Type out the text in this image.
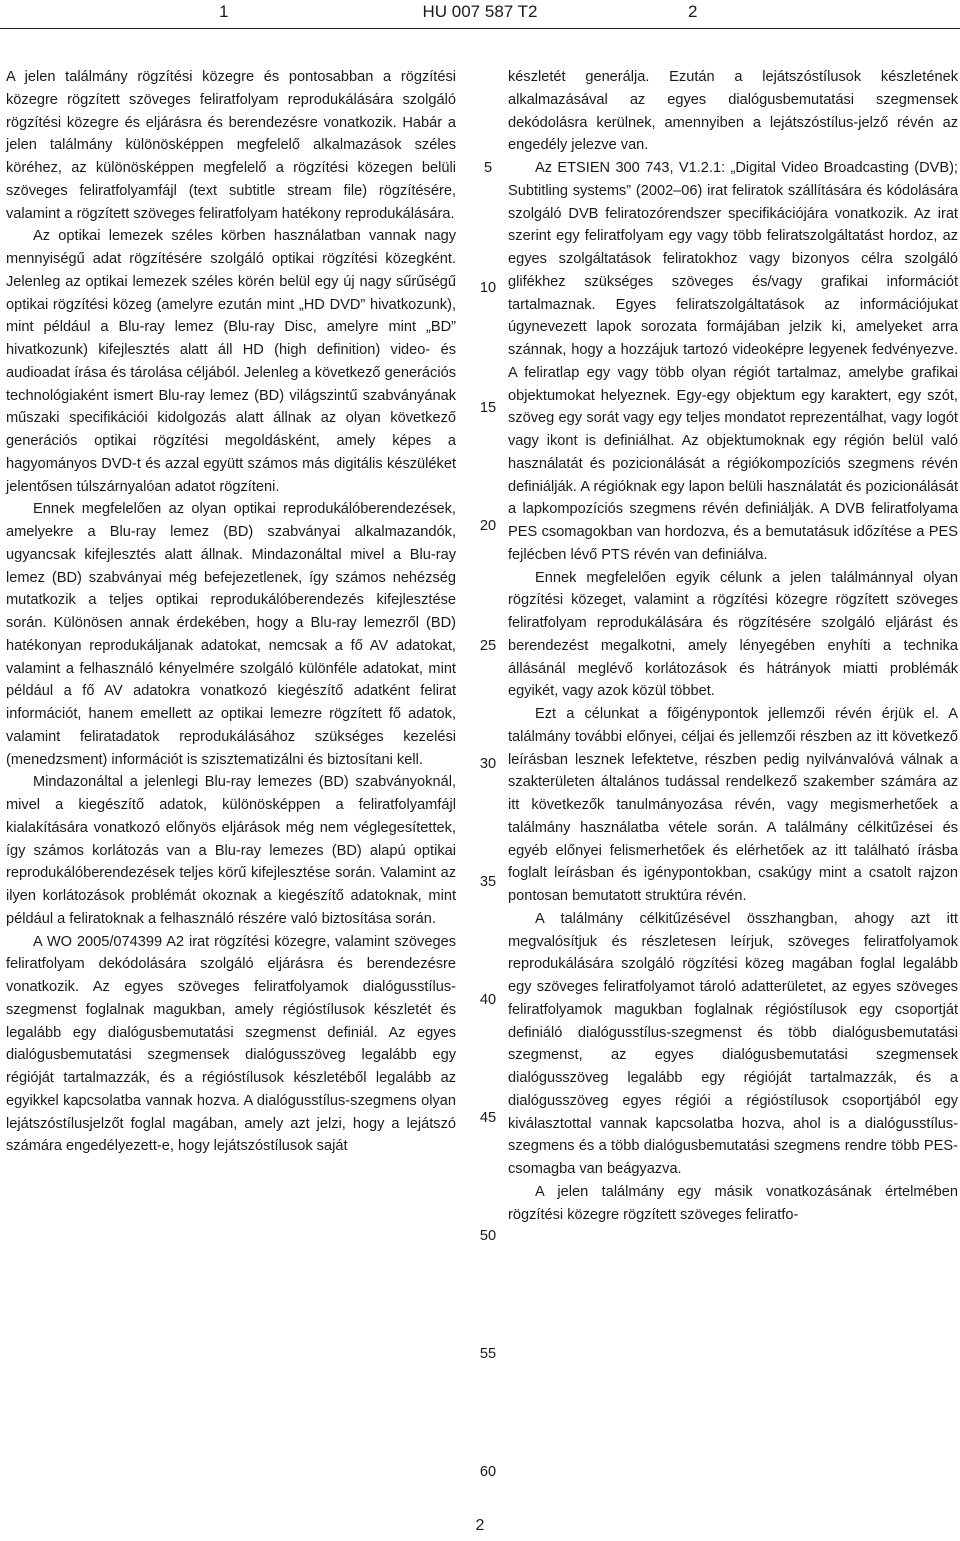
1	HU 007 587 T2	2

A jelen találmány rögzítési közegre és pontosabban a rögzítési közegre rögzített szöveges feliratfolyam reprodukálására szolgáló rögzítési közegre és eljárásra és berendezésre vonatkozik. Habár a jelen találmány különösképpen megfelelő alkalmazások széles köréhez, az különösképpen megfelelő a rögzítési közegen belüli szöveges feliratfolyamfájl (text subtitle stream file) rögzítésére, valamint a rögzített szöveges feliratfolyam hatékony reprodukálására.

Az optikai lemezek széles körben használatban vannak nagy mennyiségű adat rögzítésére szolgáló optikai rögzítési közegként. Jelenleg az optikai lemezek széles körén belül egy új nagy sűrűségű optikai rögzítési közeg (amelyre ezután mint „HD DVD” hivatkozunk), mint például a Blu-ray lemez (Blu-ray Disc, amelyre mint „BD” hivatkozunk) kifejlesztés alatt áll HD (high definition) video- és audioadat írása és tárolása céljából. Jelenleg a következő generációs technológiaként ismert Blu-ray lemez (BD) világszintű szabványának műszaki specifikációi kidolgozás alatt állnak az olyan következő generációs optikai rögzítési megoldásként, amely képes a hagyományos DVD-t és azzal együtt számos más digitális készüléket jelentősen túlszárnyalóan adatot rögzíteni.

Ennek megfelelően az olyan optikai reprodukálóberendezések, amelyekre a Blu-ray lemez (BD) szabványai alkalmazandók, ugyancsak kifejlesztés alatt állnak. Mindazonáltal mivel a Blu-ray lemez (BD) szabványai még befejezetlenek, így számos nehézség mutatkozik a teljes optikai reprodukálóberendezés kifejlesztése során. Különösen annak érdekében, hogy a Blu-ray lemezről (BD) hatékonyan reprodukáljanak adatokat, nemcsak a fő AV adatokat, valamint a felhasználó kényelmére szolgáló különféle adatokat, mint például a fő AV adatokra vonatkozó kiegészítő adatként felirat információt, hanem emellett az optikai lemezre rögzített fő adatok, valamint feliratadatok reprodukálásához szükséges kezelési (menedzsment) információt is szisztematizálni és biztosítani kell.

Mindazonáltal a jelenlegi Blu-ray lemezes (BD) szabványoknál, mivel a kiegészítő adatok, különösképpen a feliratfolyamfájl kialakítására vonatkozó előnyös eljárások még nem véglegesítettek, így számos korlátozás van a Blu-ray lemezes (BD) alapú optikai reprodukálóberendezések teljes körű kifejlesztése során. Valamint az ilyen korlátozások problémát okoznak a kiegészítő adatoknak, mint például a feliratoknak a felhasználó részére való biztosítása során.

A WO 2005/074399 A2 irat rögzítési közegre, valamint szöveges feliratfolyam dekódolására szolgáló eljárásra és berendezésre vonatkozik. Az egyes szöveges feliratfolyamok dialógusstílus-szegmenst foglalnak magukban, amely régióstílusok készletét és legalább egy dialógusbemutatási szegmenst definiál. Az egyes dialógusbemutatási szegmensek dialógusszöveg legalább egy régióját tartalmazzák, és a régióstílusok készletéből legalább az egyikkel kapcsolatba vannak hozva. A dialógusstílus-szegmens olyan lejátszóstílusjelzőt foglal magában, amely azt jelzi, hogy a lejátszó számára engedélyezett-e, hogy lejátszóstílusok saját

készletét generálja. Ezután a lejátszóstílusok készletének alkalmazásával az egyes dialógusbemutatási szegmensek dekódolásra kerülnek, amennyiben a lejátszóstílus-jelző révén az engedély jelezve van.

Az ETSIEN 300 743, V1.2.1: „Digital Video Broadcasting (DVB); Subtitling systems” (2002–06) irat feliratok szállítására és kódolására szolgáló DVB feliratozórendszer specifikációjára vonatkozik. Az irat szerint egy feliratfolyam egy vagy több feliratszolgáltatást hordoz, az egyes szolgáltatások feliratokhoz vagy bizonyos célra szolgáló glifékhez szükséges szöveges és/vagy grafikai információt tartalmaznak. Egyes feliratszolgáltatások az információjukat úgynevezett lapok sorozata formájában jelzik ki, amelyeket arra szánnak, hogy a hozzájuk tartozó videoképre legyenek fedvényezve. A feliratlap egy vagy több olyan régiót tartalmaz, amelybe grafikai objektumokat helyeznek. Egy-egy objektum egy karaktert, egy szót, szöveg egy sorát vagy egy teljes mondatot reprezentálhat, vagy logót vagy ikont is definiálhat. Az objektumoknak egy régión belül való használatát és pozicionálását a régiókompozíciós szegmens révén definiálják. A régióknak egy lapon belüli használatát és pozicionálását a lapkompozíciós szegmens révén definiálják. A DVB feliratfolyama PES csomagokban van hordozva, és a bemutatásuk időzítése a PES fejlécben lévő PTS révén van definiálva.

Ennek megfelelően egyik célunk a jelen találmánnyal olyan rögzítési közeget, valamint a rögzítési közegre rögzített szöveges feliratfolyam reprodukálására és rögzítésére szolgáló eljárást és berendezést megalkotni, amely lényegében enyhíti a technika állásánál meglévő korlátozások és hátrányok miatti problémák egyikét, vagy azok közül többet.

Ezt a célunkat a főigénypontok jellemzői révén érjük el. A találmány további előnyei, céljai és jellemzői részben az itt következő leírásban lesznek lefektetve, részben pedig nyilvánvalóvá válnak a szakterületen általános tudással rendelkező szakember számára az itt következők tanulmányozása révén, vagy megismerhetőek a találmány használatba vétele során. A találmány célkitűzései és egyéb előnyei felismerhetőek és elérhetőek az itt található írásba foglalt leírásban és igénypontokban, csakúgy mint a csatolt rajzon pontosan bemutatott struktúra révén.

A találmány célkitűzésével összhangban, ahogy azt itt megvalósítjuk és részletesen leírjuk, szöveges feliratfolyamok reprodukálására szolgáló rögzítési közeg magában foglal legalább egy szöveges feliratfolyamot tároló adatterületet, az egyes szöveges feliratfolyamok magukban foglalnak régióstílusok egy csoportját definiáló dialógusstílus-szegmenst és több dialógusbemutatási szegmenst, az egyes dialógusbemutatási szegmensek dialógusszöveg legalább egy régióját tartalmazzák, és a dialógusszöveg egyes régiói a régióstílusok csoportjából egy kiválasztottal vannak kapcsolatba hozva, ahol is a dialógusstílus-szegmens és a több dialógusbemutatási szegmens rendre több PES-csomagba van beágyazva.

A jelen találmány egy másik vonatkozásának értelmében rögzítési közegre rögzített szöveges feliratfo-

5
10
15
20
25
30
35
40
45
50
55
60
2
